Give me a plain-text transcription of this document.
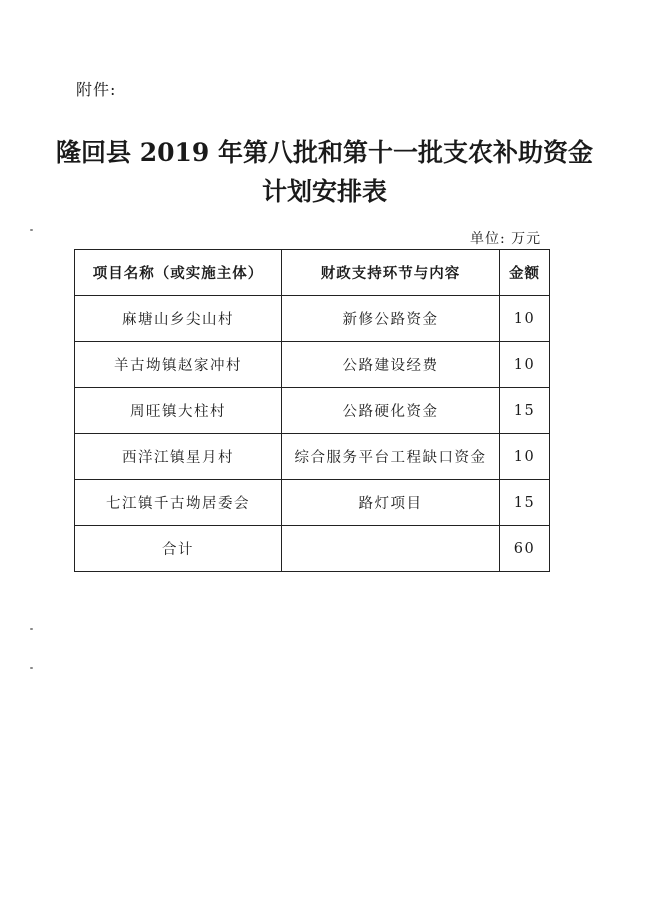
附件:
隆回县 2019 年第八批和第十一批支农补助资金
计划安排表
单位: 万元
项目名称（或实施主体）	财政支持环节与内容	金额
麻塘山乡尖山村	新修公路资金	10
羊古坳镇赵家冲村	公路建设经费	10
周旺镇大柱村	公路硬化资金	15
西洋江镇星月村	综合服务平台工程缺口资金	10
七江镇千古坳居委会	路灯项目	15
合计		60
